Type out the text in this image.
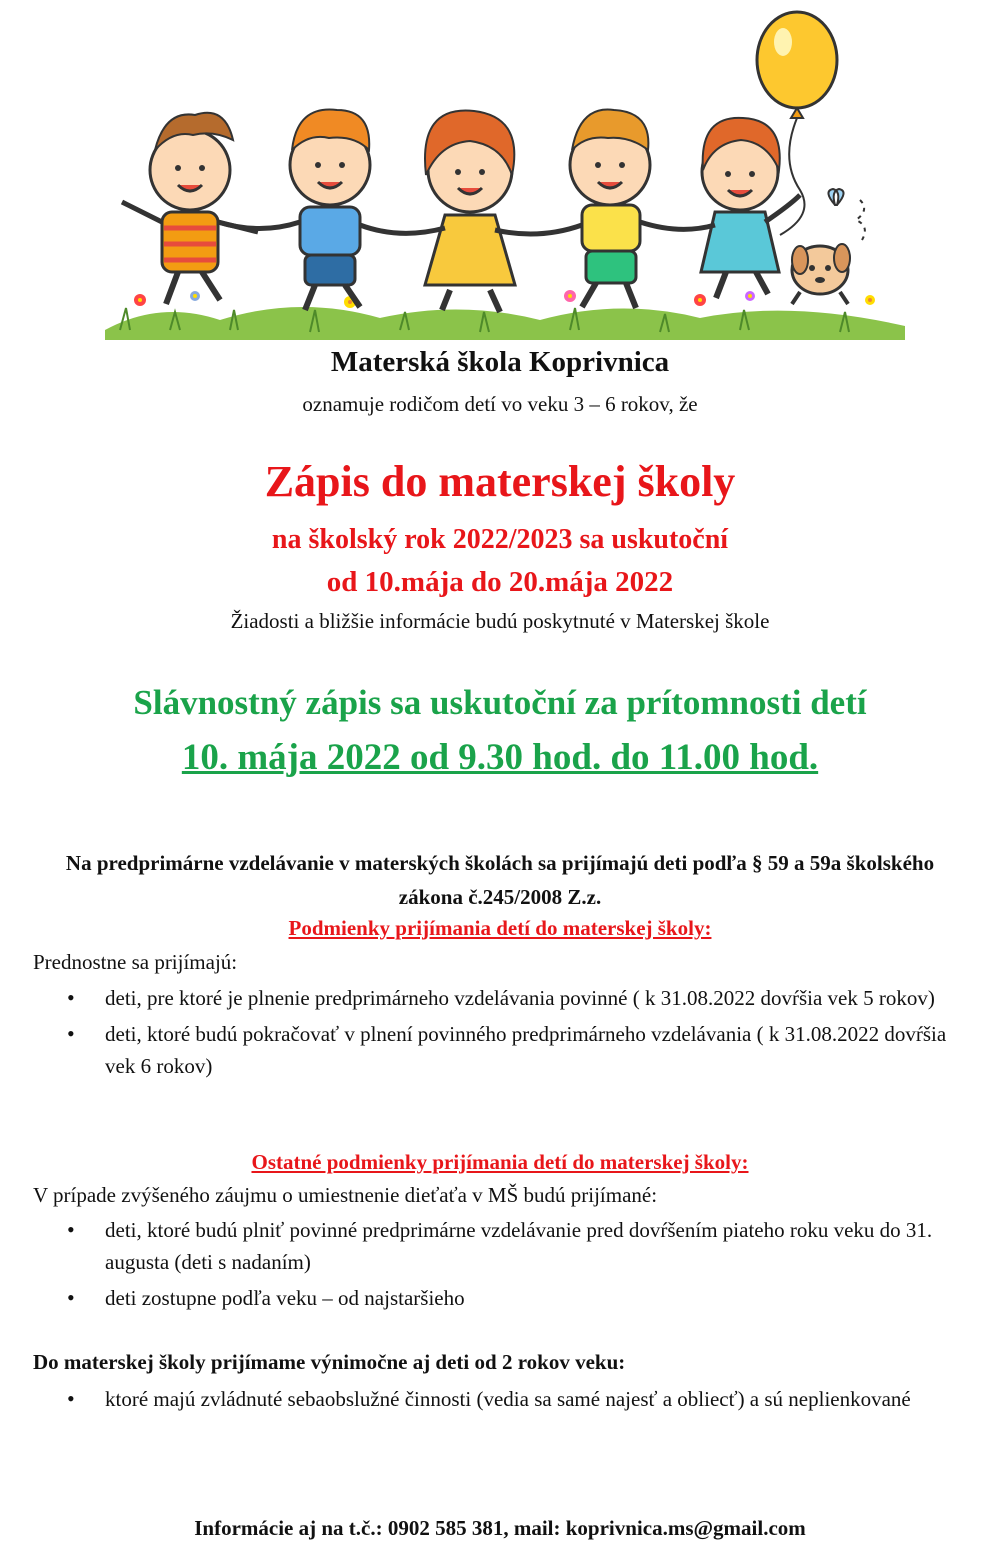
Materská škola Koprivnica
oznamuje rodičom detí vo veku 3 – 6 rokov, že
Zápis do materskej školy
na školský rok 2022/2023 sa uskutoční
od 10.mája do 20.mája 2022
Žiadosti a bližšie informácie budú poskytnuté v Materskej škole
Slávnostný zápis sa uskutoční za prítomnosti detí
10. mája 2022 od 9.30 hod. do 11.00 hod.
Na predprimárne vzdelávanie v materských školách sa prijímajú deti podľa § 59 a 59a školského zákona č.245/2008 Z.z.
Podmienky prijímania detí do materskej školy:
Prednostne sa prijímajú:
• deti, pre ktoré je plnenie predprimárneho vzdelávania povinné ( k 31.08.2022 dovŕšia vek 5 rokov)
• deti, ktoré budú pokračovať v plnení povinného predprimárneho vzdelávania ( k 31.08.2022 dovŕšia vek 6 rokov)
Ostatné podmienky prijímania detí do materskej školy:
V prípade zvýšeného záujmu o umiestnenie dieťaťa v MŠ budú prijímané:
• deti, ktoré budú plniť povinné predprimárne vzdelávanie pred dovŕšením piateho roku veku do 31. augusta (deti s nadaním)
• deti zostupne podľa veku – od najstaršieho
Do materskej školy prijímame výnimočne aj deti od 2 rokov veku:
• ktoré majú zvládnuté sebaobslužné činnosti (vedia sa samé najesť a obliecť) a sú neplienkované
Informácie aj na t.č.: 0902 585 381, mail: koprivnica.ms@gmail.com
